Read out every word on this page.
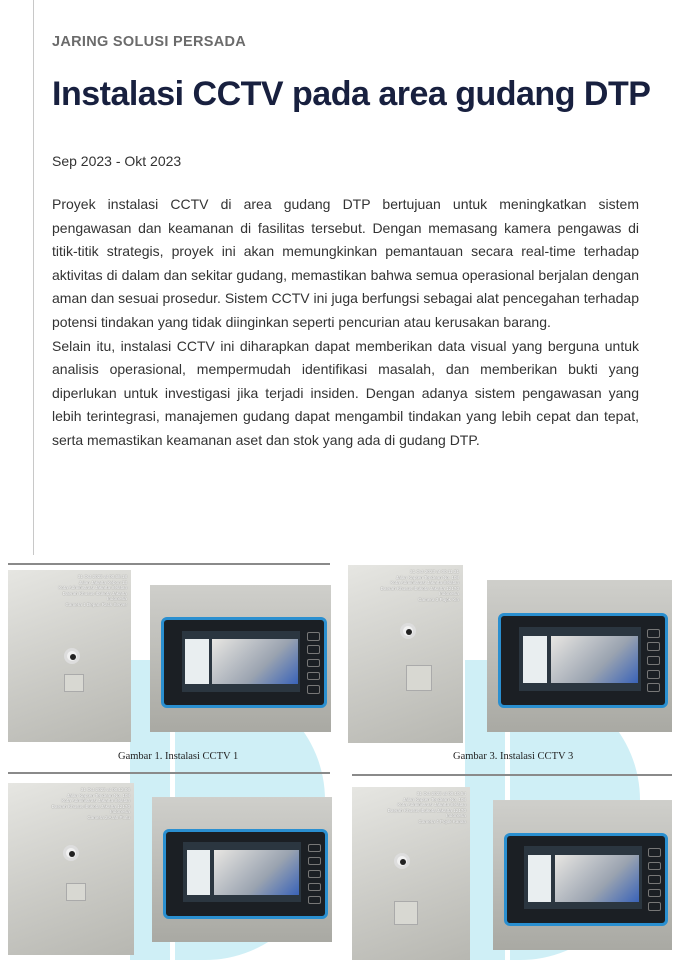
JARING SOLUSI PERSADA
Instalasi CCTV pada area gudang DTP
Sep 2023 - Okt 2023

Proyek instalasi CCTV di area gudang DTP bertujuan untuk meningkatkan sistem pengawasan dan keamanan di fasilitas tersebut. Dengan memasang kamera pengawas di titik-titik strategis, proyek ini akan memungkinkan pemantauan secara real-time terhadap aktivitas di dalam dan sekitar gudang, memastikan bahwa semua operasional berjalan dengan aman dan sesuai prosedur. Sistem CCTV ini juga berfungsi sebagai alat pencegahan terhadap potensi tindakan yang tidak diinginkan seperti pencurian atau kerusakan barang.

Selain itu, instalasi CCTV ini diharapkan dapat memberikan data visual yang berguna untuk analisis operasional, mempermudah identifikasi masalah, dan memberikan bukti yang diperlukan untuk investigasi jika terjadi insiden. Dengan adanya sistem pengawasan yang lebih terintegrasi, manajemen gudang dapat mengambil tindakan yang lebih cepat dan tepat, serta memastikan keamanan aset dan stok yang ada di gudang DTP.

31 Oct 2023 at 00.58.18
Jalan Jakarta Kebon 13
Kota Administrasi Jakarta Selatan
Daerah Khusus Ibukota Jakarta
Indonesia
Camera 1 Depan Rack Server
Gambar 1. Instalasi CCTV 1
31 Oct 2023 at 00.11.31
Jalan Kapten Tendean No. 108
Kota Administrasi Jakarta Selatan
Daerah Khusus Ibukota Jakarta 12170
Indonesia
Camera 3 Pojok Kiri
Gambar 3. Instalasi CCTV 3
31 Oct 2023 at 00.12.06
Jalan Kapten Tendean No. 108
Kota Administrasi Jakarta Selatan
Daerah Khusus Ibukota Jakarta 12170
Indonesia
Camera 2 Arah Pintu
31 Oct 2023 at 00.10.54
Jalan Kapten Tendean No. 108
Kota Administrasi Jakarta Selatan
Daerah Khusus Ibukota Jakarta 12170
Indonesia
Camera 4 Pojok Kanan
